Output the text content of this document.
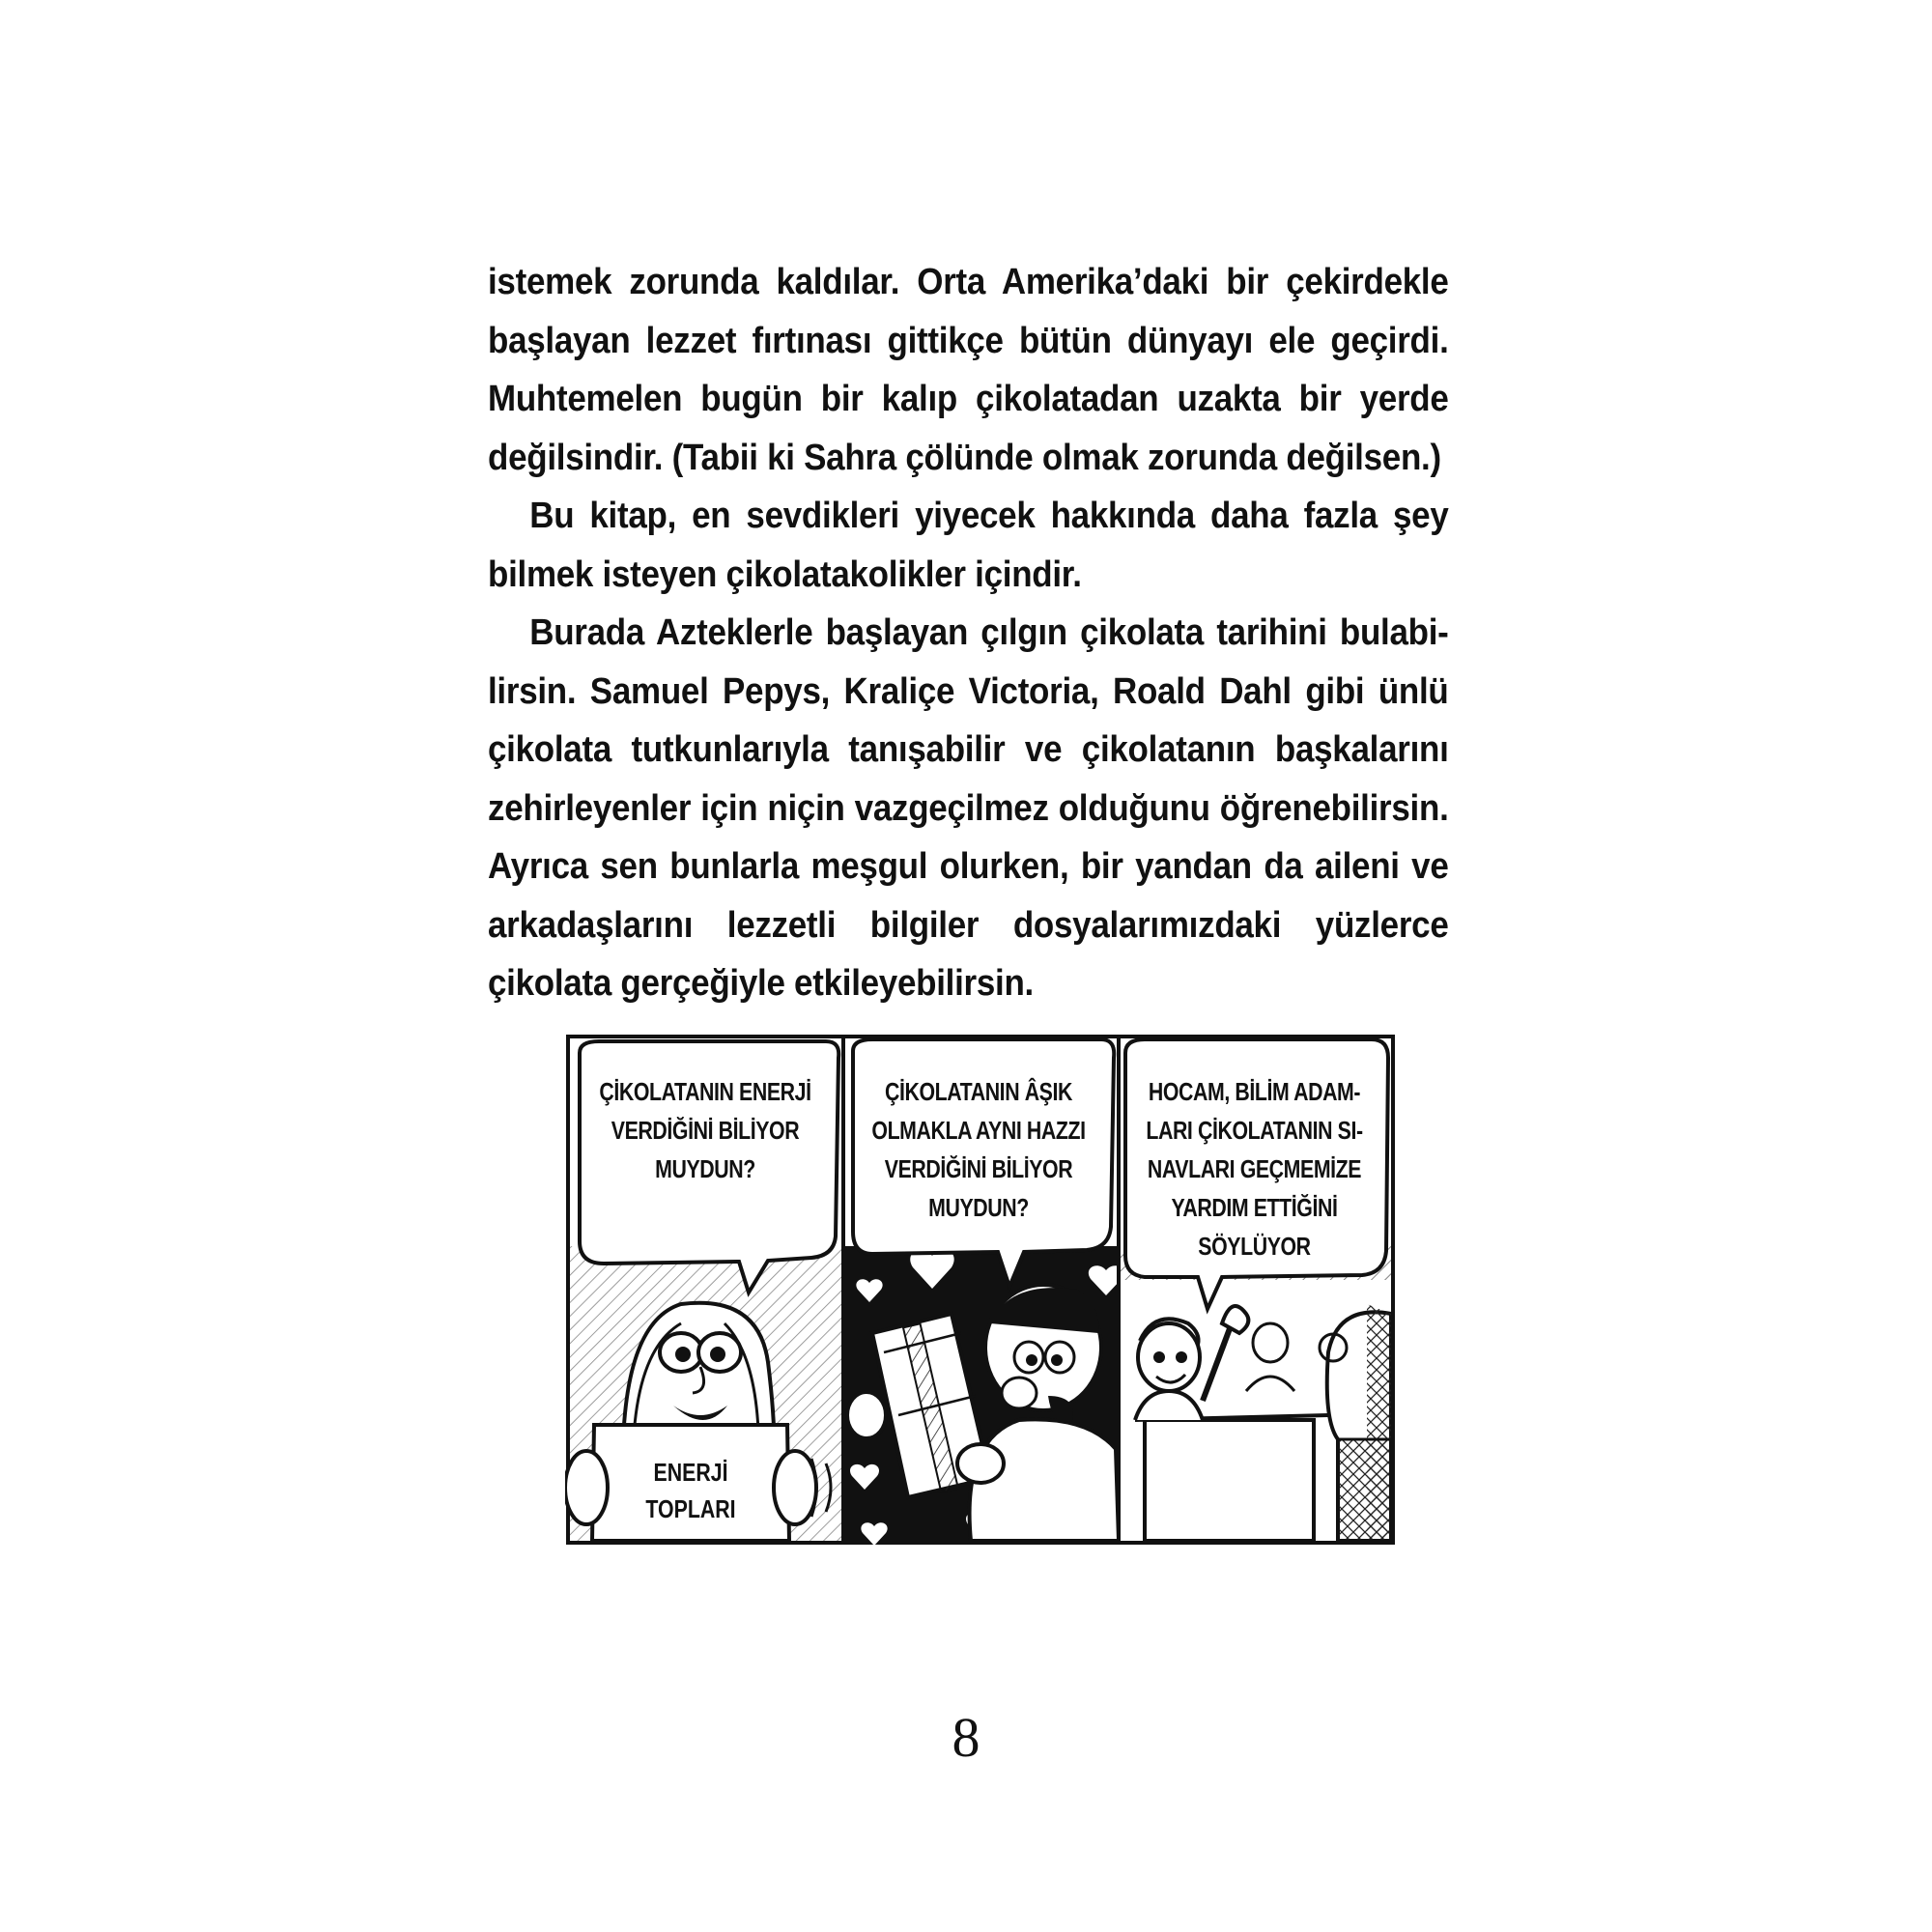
istemek zorunda kaldılar. Orta Amerika’daki bir çekirdekle başlayan lezzet fırtınası gittikçe bütün dünyayı ele geçirdi. Muhtemelen bugün bir kalıp çikolatadan uzakta bir yerde değilsindir. (Tabii ki Sahra çölünde olmak zorunda değilsen.)

Bu kitap, en sevdikleri yiyecek hakkında daha fazla şey bilmek isteyen çikolatakolikler içindir.

Burada Azteklerle başlayan çılgın çikolata tarihini bulabi-lirsin. Samuel Pepys, Kraliçe Victoria, Roald Dahl gibi ünlü çikolata tutkunlarıyla tanışabilir ve çikolatanın başkalarını zehirleyenler için niçin vazgeçilmez olduğunu öğrenebilirsin. Ayrıca sen bunlarla meşgul olurken, bir yandan da aileni ve arkadaşlarını lezzetli bilgiler dosyalarımızdaki yüzlerce çikolata gerçeğiyle etkileyebilirsin.

ÇİKOLATANIN ENERJİ
VERDİĞİNİ BİLİYOR
MUYDUN?
ÇİKOLATANIN ÂŞIK
OLMAKLA AYNI HAZZI
VERDİĞİNİ BİLİYOR
MUYDUN?
HOCAM, BİLİM ADAM-
LARI ÇİKOLATANIN SI-
NAVLARI GEÇMEMİZE
YARDIM ETTİĞİNİ
SÖYLÜYOR
ENERJİ
TOPLARI
8
